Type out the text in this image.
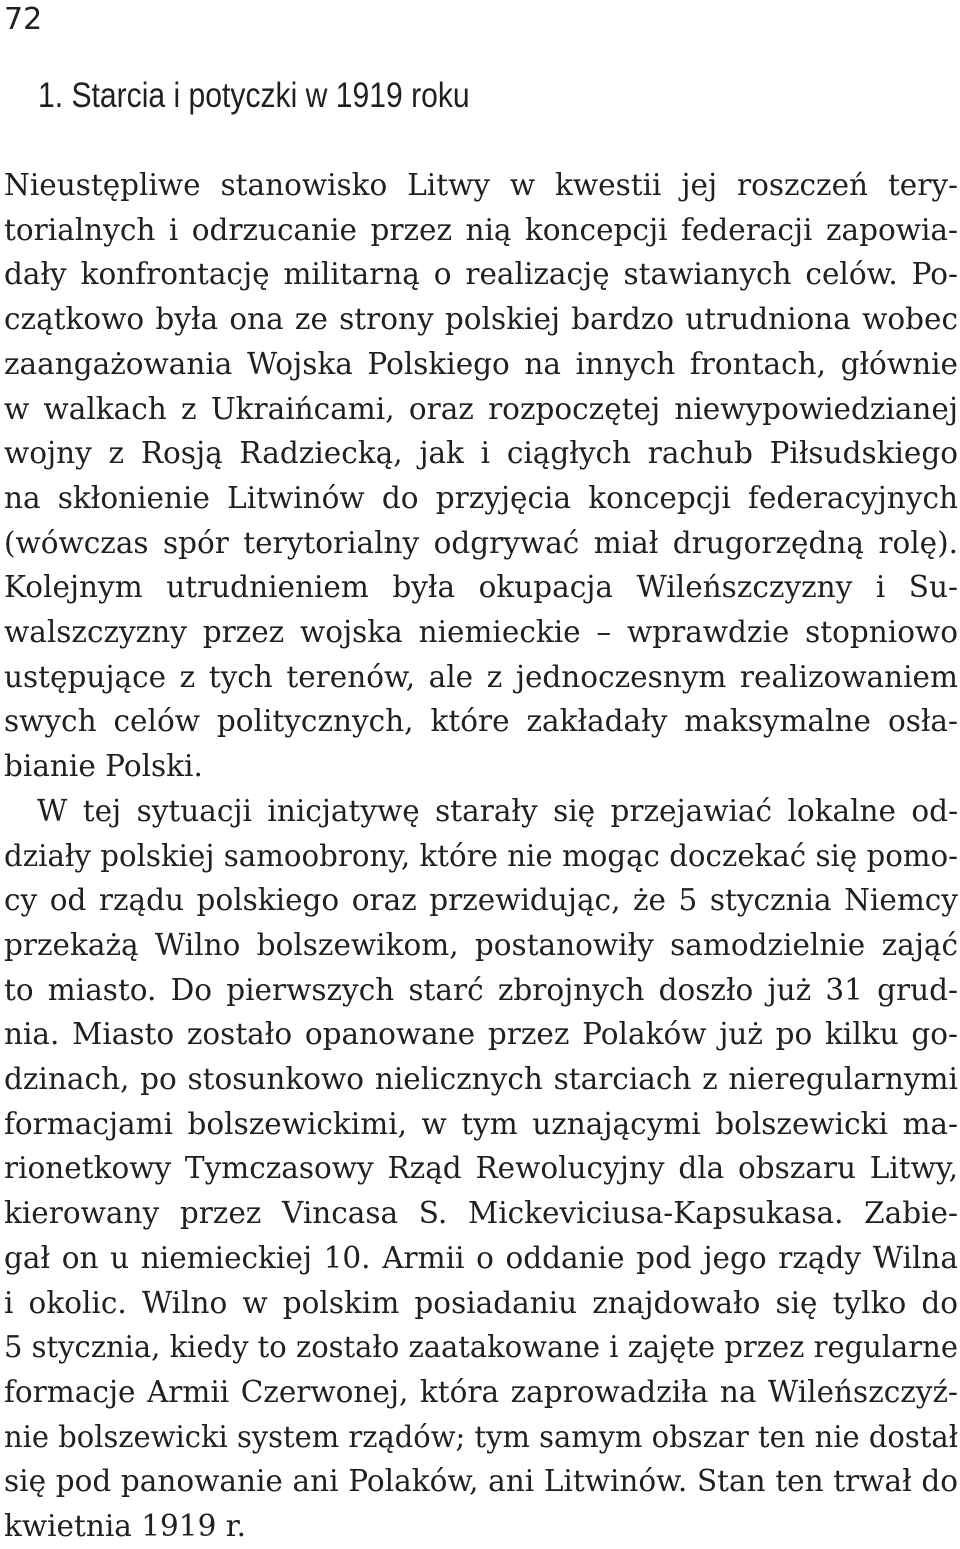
72
1. Starcia i potyczki w 1919 roku

Nieustępliwe stanowisko Litwy w kwestii jej roszczeń tery-
torialnych i odrzucanie przez nią koncepcji federacji zapowia-
dały konfrontację militarną o realizację stawianych celów. Po-
czątkowo była ona ze strony polskiej bardzo utrudniona wobec
zaangażowania Wojska Polskiego na innych frontach, głównie
w walkach z Ukraińcami, oraz rozpoczętej niewypowiedzianej
wojny z Rosją Radziecką, jak i ciągłych rachub Piłsudskiego
na skłonienie Litwinów do przyjęcia koncepcji federacyjnych
(wówczas spór terytorialny odgrywać miał drugorzędną rolę).
Kolejnym utrudnieniem była okupacja Wileńszczyzny i Su-
walszczyzny przez wojska niemieckie – wprawdzie stopniowo
ustępujące z tych terenów, ale z jednoczesnym realizowaniem
swych celów politycznych, które zakładały maksymalne osła-
bianie Polski.

W tej sytuacji inicjatywę starały się przejawiać lokalne od-
działy polskiej samoobrony, które nie mogąc doczekać się pomo-
cy od rządu polskiego oraz przewidując, że 5 stycznia Niemcy
przekażą Wilno bolszewikom, postanowiły samodzielnie zająć
to miasto. Do pierwszych starć zbrojnych doszło już 31 grud-
nia. Miasto zostało opanowane przez Polaków już po kilku go-
dzinach, po stosunkowo nielicznych starciach z nieregularnymi
formacjami bolszewickimi, w tym uznającymi bolszewicki ma-
rionetkowy Tymczasowy Rząd Rewolucyjny dla obszaru Litwy,
kierowany przez Vincasa S. Mickeviciusa-Kapsukasa. Zabie-
gał on u niemieckiej 10. Armii o oddanie pod jego rządy Wilna
i okolic. Wilno w polskim posiadaniu znajdowało się tylko do
5 stycznia, kiedy to zostało zaatakowane i zajęte przez regularne
formacje Armii Czerwonej, która zaprowadziła na Wileńszczyź-
nie bolszewicki system rządów; tym samym obszar ten nie dostał
się pod panowanie ani Polaków, ani Litwinów. Stan ten trwał do
kwietnia 1919 r.
